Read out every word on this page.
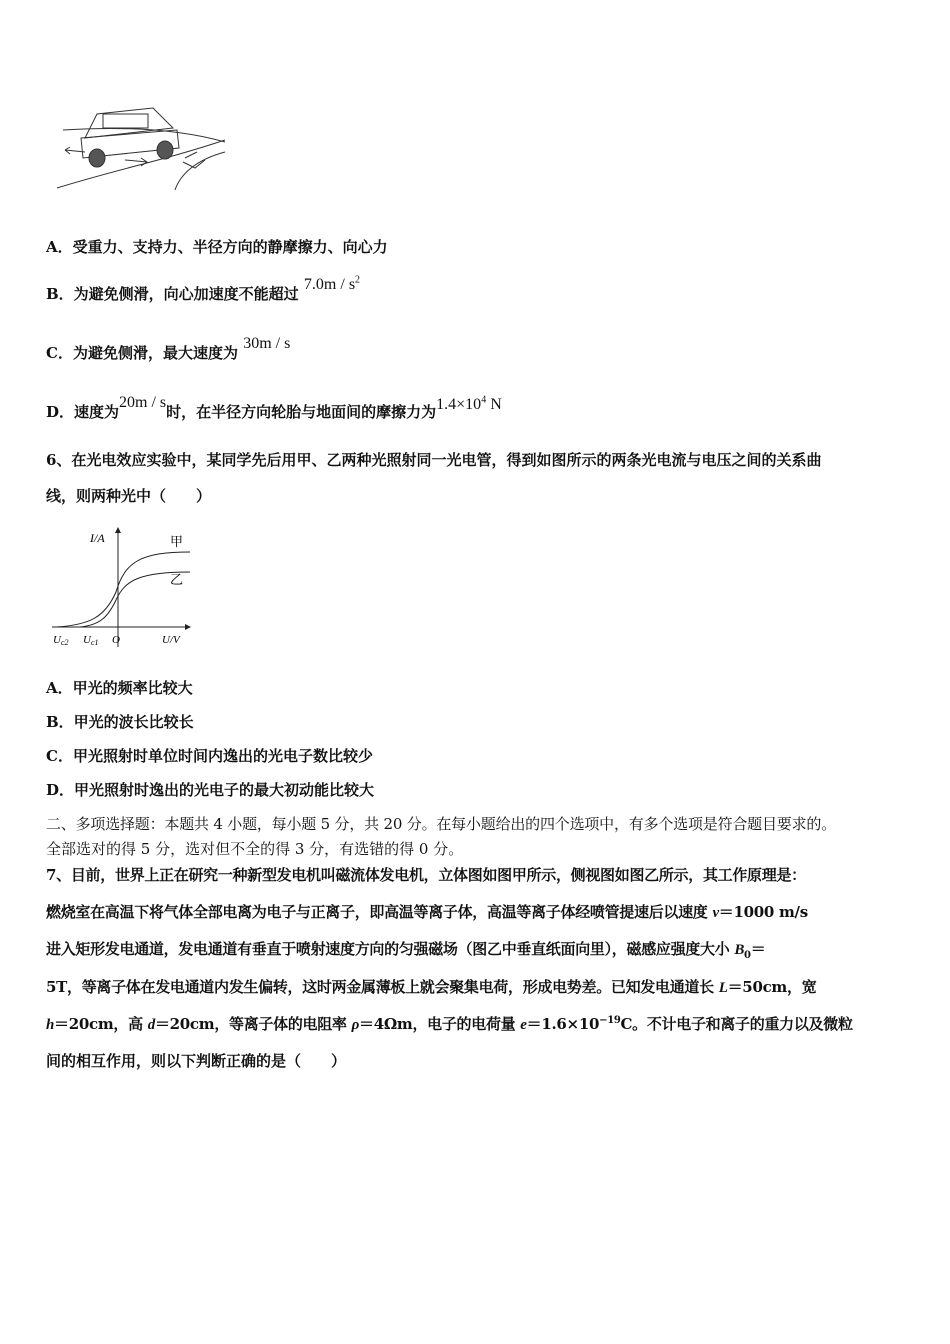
A．受重力、支持力、半径方向的静摩擦力、向心力
B．为避免侧滑，向心加速度不能超过 $7.0m / s^2$
C．为避免侧滑，最大速度为 30m / s
D．速度为20m / s时，在半径方向轮胎与地面间的摩擦力为$1.4\times 10^4$ N
6、在光电效应实验中，某同学先后用甲、乙两种光照射同一光电管，得到如图所示的两条光电流与电压之间的关系曲
线，则两种光中（　　）
I/A	甲
乙
Uc2 Uc1 O	U/V
A．甲光的频率比较大
B．甲光的波长比较长
C．甲光照射时单位时间内逸出的光电子数比较少
D．甲光照射时逸出的光电子的最大初动能比较大
二、多项选择题：本题共 4 小题，每小题 5 分，共 20 分。在每小题给出的四个选项中，有多个选项是符合题目要求的。
全部选对的得 5 分，选对但不全的得 3 分，有选错的得 0 分。
7、目前，世界上正在研究一种新型发电机叫磁流体发电机，立体图如图甲所示，侧视图如图乙所示，其工作原理是：
燃烧室在高温下将气体全部电离为电子与正离子，即高温等离子体，高温等离子体经喷管提速后以速度 v＝1000 m/s
进入矩形发电通道，发电通道有垂直于喷射速度方向的匀强磁场（图乙中垂直纸面向里），磁感应强度大小 $B_0=$
5T，等离子体在发电通道内发生偏转，这时两金属薄板上就会聚集电荷，形成电势差。已知发电通道长 L＝50cm，宽
h＝20cm，高 d＝20cm，等离子体的电阻率 ρ＝4Ωm，电子的电荷量 $e=1.6\times 10^{-19}C$。不计电子和离子的重力以及微粒
间的相互作用，则以下判断正确的是（　　）
